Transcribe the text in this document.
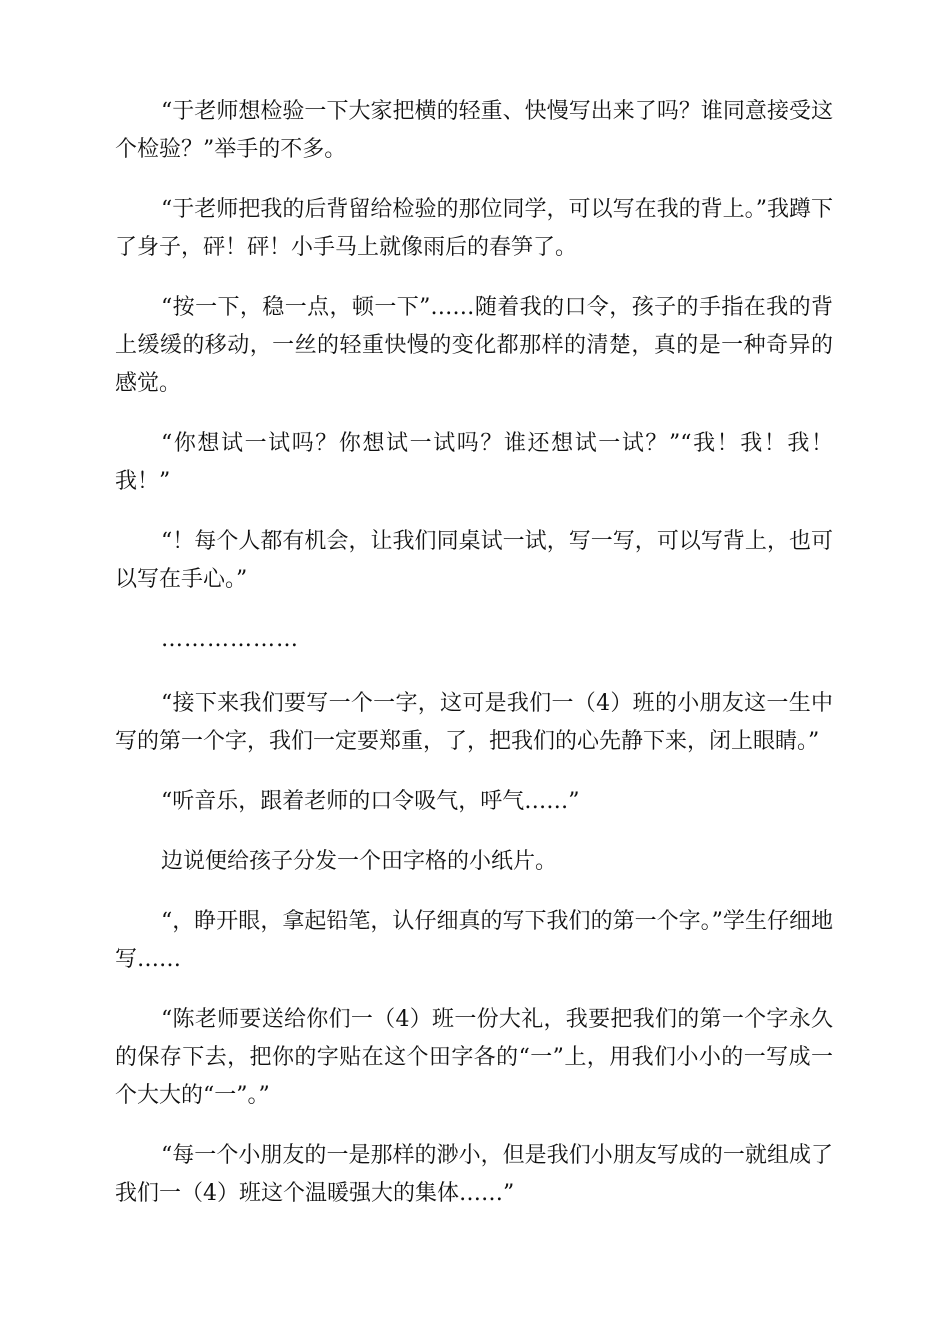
“于老师想检验一下大家把横的轻重、快慢写出来了吗？谁同意接受这个检验？”举手的不多。

“于老师把我的后背留给检验的那位同学，可以写在我的背上。”我蹲下了身子，砰！砰！小手马上就像雨后的春笋了。

“按一下，稳一点，顿一下”……随着我的口令，孩子的手指在我的背上缓缓的移动，一丝的轻重快慢的变化都那样的清楚，真的是一种奇异的感觉。

“你想试一试吗？你想试一试吗？谁还想试一试？”“我！我！我！我！”

“！每个人都有机会，让我们同桌试一试，写一写，可以写背上，也可以写在手心。”

………………

“接下来我们要写一个一字，这可是我们一（4）班的小朋友这一生中写的第一个字，我们一定要郑重，了，把我们的心先静下来，闭上眼睛。”

“听音乐，跟着老师的口令吸气，呼气……”

边说便给孩子分发一个田字格的小纸片。

“，睁开眼，拿起铅笔，认仔细真的写下我们的第一个字。”学生仔细地写……

“陈老师要送给你们一（4）班一份大礼，我要把我们的第一个字永久的保存下去，把你的字贴在这个田字各的“一”上，用我们小小的一写成一个大大的“一”。”

“每一个小朋友的一是那样的渺小，但是我们小朋友写成的一就组成了我们一（4）班这个温暖强大的集体……”
